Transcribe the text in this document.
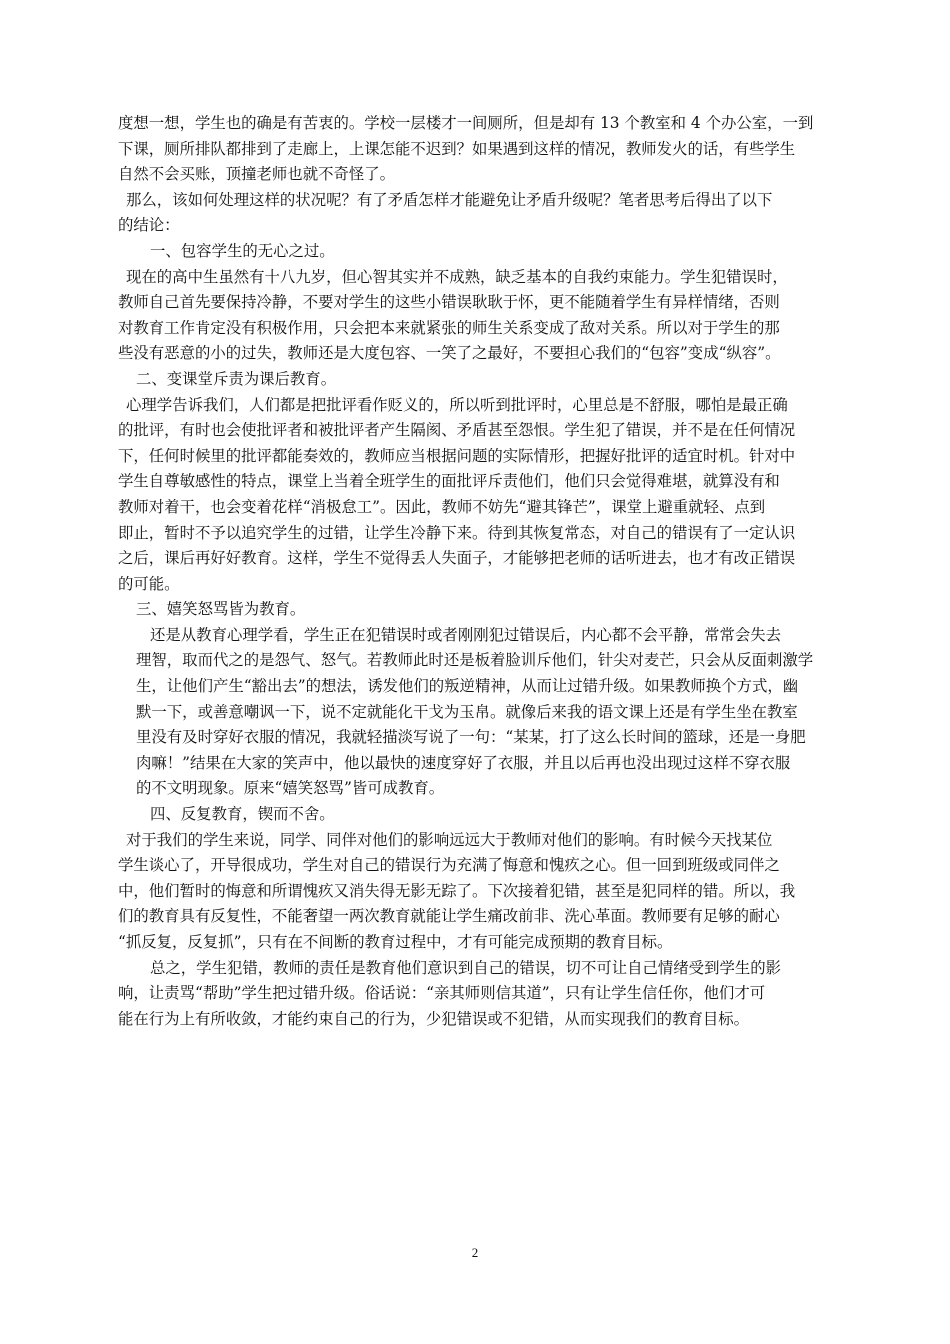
度想一想，学生也的确是有苦衷的。学校一层楼才一间厕所，但是却有 13 个教室和 4 个办公室，一到
下课，厕所排队都排到了走廊上，上课怎能不迟到？如果遇到这样的情况，教师发火的话，有些学生
自然不会买账，顶撞老师也就不奇怪了。
那么，该如何处理这样的状况呢？有了矛盾怎样才能避免让矛盾升级呢？笔者思考后得出了以下
的结论：
一、包容学生的无心之过。
现在的高中生虽然有十八九岁，但心智其实并不成熟，缺乏基本的自我约束能力。学生犯错误时，
教师自己首先要保持冷静，不要对学生的这些小错误耿耿于怀，更不能随着学生有异样情绪，否则
对教育工作肯定没有积极作用，只会把本来就紧张的师生关系变成了敌对关系。所以对于学生的那
些没有恶意的小的过失，教师还是大度包容、一笑了之最好，不要担心我们的“包容”变成“纵容”。
二、变课堂斥责为课后教育。
心理学告诉我们，人们都是把批评看作贬义的，所以听到批评时，心里总是不舒服，哪怕是最正确
的批评，有时也会使批评者和被批评者产生隔阂、矛盾甚至怨恨。学生犯了错误，并不是在任何情况
下，任何时候里的批评都能奏效的，教师应当根据问题的实际情形，把握好批评的适宜时机。针对中
学生自尊敏感性的特点，课堂上当着全班学生的面批评斥责他们，他们只会觉得难堪，就算没有和
教师对着干，也会变着花样“消极怠工”。因此，教师不妨先“避其锋芒”，课堂上避重就轻、点到
即止，暂时不予以追究学生的过错，让学生冷静下来。待到其恢复常态，对自己的错误有了一定认识
之后，课后再好好教育。这样，学生不觉得丢人失面子，才能够把老师的话听进去，也才有改正错误
的可能。
三、嬉笑怒骂皆为教育。
还是从教育心理学看，学生正在犯错误时或者刚刚犯过错误后，内心都不会平静，常常会失去
理智，取而代之的是怨气、怒气。若教师此时还是板着脸训斥他们，针尖对麦芒，只会从反面刺激学
生，让他们产生“豁出去”的想法，诱发他们的叛逆精神，从而让过错升级。如果教师换个方式，幽
默一下，或善意嘲讽一下，说不定就能化干戈为玉帛。就像后来我的语文课上还是有学生坐在教室
里没有及时穿好衣服的情况，我就轻描淡写说了一句：“某某，打了这么长时间的篮球，还是一身肥
肉嘛！”结果在大家的笑声中，他以最快的速度穿好了衣服，并且以后再也没出现过这样不穿衣服
的不文明现象。原来“嬉笑怒骂”皆可成教育。
四、反复教育，锲而不舍。
对于我们的学生来说，同学、同伴对他们的影响远远大于教师对他们的影响。有时候今天找某位
学生谈心了，开导很成功，学生对自己的错误行为充满了悔意和愧疚之心。但一回到班级或同伴之
中，他们暂时的悔意和所谓愧疚又消失得无影无踪了。下次接着犯错，甚至是犯同样的错。所以，我
们的教育具有反复性，不能奢望一两次教育就能让学生痛改前非、洗心革面。教师要有足够的耐心
“抓反复，反复抓”，只有在不间断的教育过程中，才有可能完成预期的教育目标。
总之，学生犯错，教师的责任是教育他们意识到自己的错误，切不可让自己情绪受到学生的影
响，让责骂“帮助”学生把过错升级。俗话说：“亲其师则信其道”，只有让学生信任你，他们才可
能在行为上有所收敛，才能约束自己的行为，少犯错误或不犯错，从而实现我们的教育目标。
2
